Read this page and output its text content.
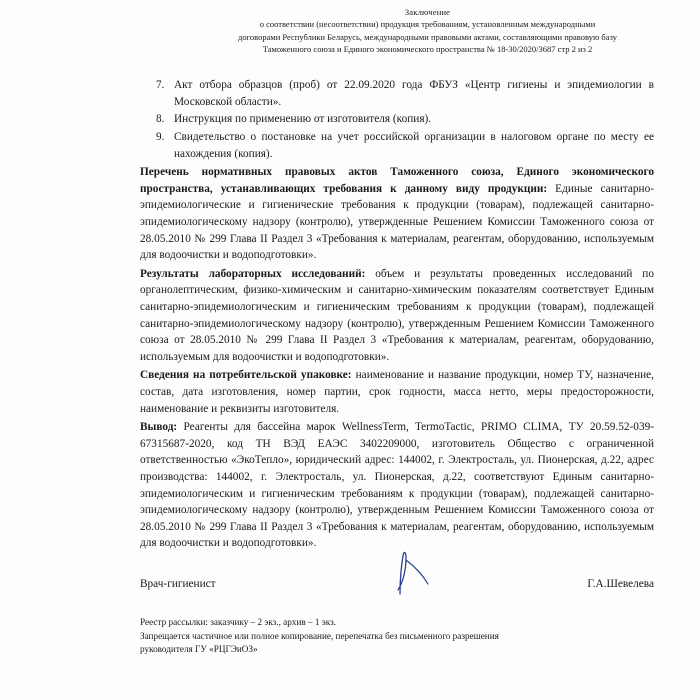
Заключение
о соответствии (несоответствии) продукция требованиям, установленным международными
договорами Республики Беларусь, международными правовыми актами, составляющими правовую базу
Таможенного союза и Единого экономического пространства № 18-30/2020/3687 стр 2 из 2
7. Акт отбора образцов (проб) от 22.09.2020 года ФБУЗ «Центр гигиены и эпидемиологии в Московской области».
8. Инструкция по применению от изготовителя (копия).
9. Свидетельство о постановке на учет российской организации в налоговом органе по месту ее нахождения (копия).
Перечень нормативных правовых актов Таможенного союза, Единого экономического пространства, устанавливающих требования к данному виду продукции: Единые санитарно-эпидемиологические и гигиенические требования к продукции (товарам), подлежащей санитарно-эпидемиологическому надзору (контролю), утвержденные Решением Комиссии Таможенного союза от 28.05.2010 № 299 Глава II Раздел 3 «Требования к материалам, реагентам, оборудованию, используемым для водоочистки и водоподготовки».
Результаты лабораторных исследований: объем и результаты проведенных исследований по органолептическим, физико-химическим и санитарно-химическим показателям соответствует Единым санитарно-эпидемиологическим и гигиеническим требованиям к продукции (товарам), подлежащей санитарно-эпидемиологическому надзору (контролю), утвержденным Решением Комиссии Таможенного союза от 28.05.2010 № 299 Глава II Раздел 3 «Требования к материалам, реагентам, оборудованию, используемым для водоочистки и водоподготовки».
Сведения на потребительской упаковке: наименование и название продукции, номер ТУ, назначение, состав, дата изготовления, номер партии, срок годности, масса нетто, меры предосторожности, наименование и реквизиты изготовителя.
Вывод: Реагенты для бассейна марок WellnessTerm, TermoTactic, PRIMO CLIMA, ТУ 20.59.52-039-67315687-2020, код ТН ВЭД ЕАЭС 3402209000, изготовитель Общество с ограниченной ответственностью «ЭкоТепло», юридический адрес: 144002, г. Электросталь, ул. Пионерская, д.22, адрес производства: 144002, г. Электросталь, ул. Пионерская, д.22, соответствуют Единым санитарно-эпидемиологическим и гигиеническим требованиям к продукции (товарам), подлежащей санитарно-эпидемиологическому надзору (контролю), утвержденным Решением Комиссии Таможенного союза от 28.05.2010 № 299 Глава II Раздел 3 «Требования к материалам, реагентам, оборудованию, используемым для водоочистки и водоподготовки».
Врач-гигиенист	Г.А.Шевелева
Реестр рассылки: заказчику – 2 экз., архив – 1 экз.
Запрещается частичное или полное копирование, перепечатка без письменного разрешения
руководителя ГУ «РЦГЭиОЗ»
